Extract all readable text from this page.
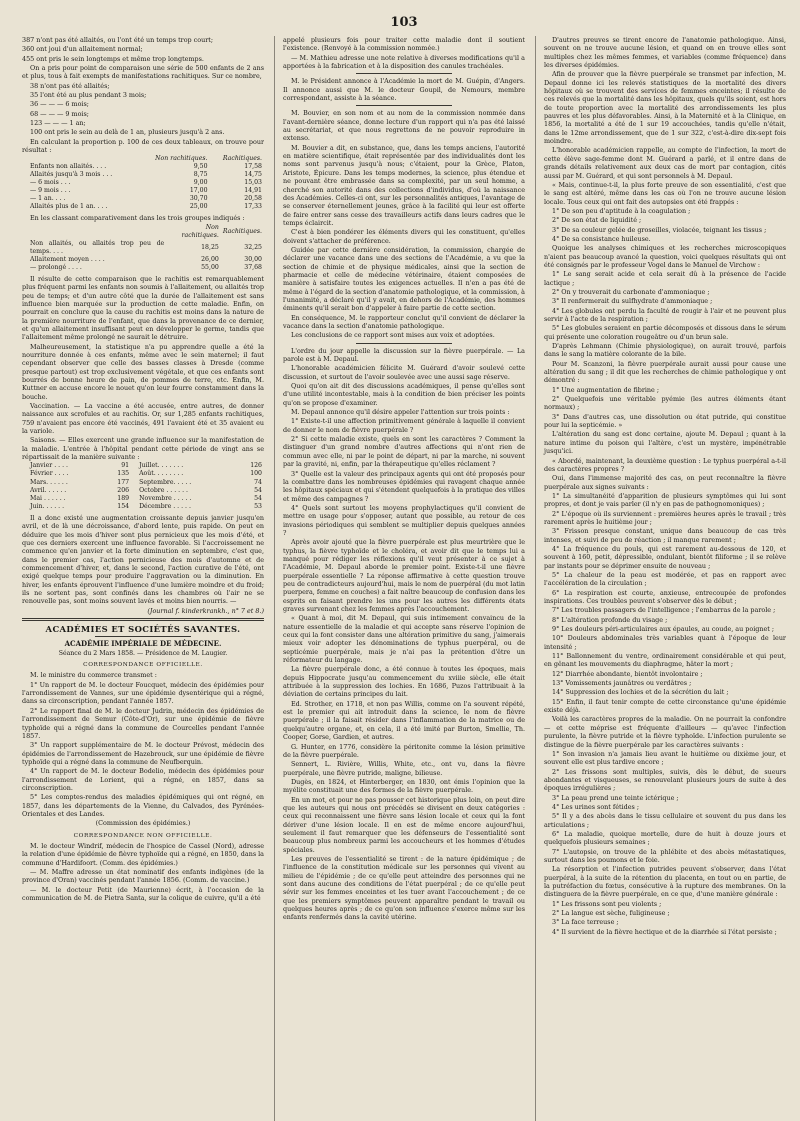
103

387 n'ont pas été allaités, ou l'ont été un temps trop court;

360 ont joui d'un allaitement normal;

455 ont pris le sein longtemps et même trop longtemps.

On a pris pour point de comparaison une série de 500 enfants de 2 ans et plus, tous à fait exempts de manifestations rachitiques. Sur ce nombre,

38 n'ont pas été allaités;

35 l'ont été au plus pendant 3 mois;

36 — — — 6 mois;

68 — — — 9 mois;

123 — — — 1 an;

100 ont pris le sein au delà de 1 an, plusieurs jusqu'à 2 ans.

En calculant la proportion p. 100 de ces deux tableaux, on trouve pour résultat :

	Non rachitiques.	Rachitiques.
Enfants non allaités. . . .	9,50	17,58
Allaités jusqu'à 3 mois . . .	8,75	14,75
— 6 mois . . .	9,00	15,03
— 9 mois . . .	17,00	14,91
— 1 an. . . .	30,70	20,58
Allaités plus de 1 an. . . .	25,00	17,33

En les classant comparativement dans les trois groupes indiqués :

	Non rachitiques.	Rachitiques.
Non allaités, ou allaités trop peu de temps. . . .	18,25	32,25
Allaitement moyen . . . .	26,00	30,00
— prolongé . . . .	55,00	37,68

Il résulte de cette comparaison que le rachitis est remarquablement plus fréquent parmi les enfants non soumis à l'allaitement, ou allaités trop peu de temps; et d'un autre côté que la durée de l'allaitement est sans influence bien marquée sur la production de cette maladie. Enfin, on pourrait en conclure que la cause du rachitis est moins dans la nature de la première nourriture de l'enfant, que dans la provenance de ce dernier, et qu'un allaitement insuffisant peut en développer le germe, tandis que l'allaitement même prolongé ne saurait le détruire.

Malheureusement, la statistique n'a pu apprendre quelle a été la nourriture donnée à ces enfants, même avec le sein maternel; il faut cependant observer que celle des basses classes à Dresde (comme presque partout) est trop exclusivement végétale, et que ces enfants sont bourrés de bonne heure de pain, de pommes de terre, etc. Enfin, M. Kuttner en accuse encore le nouet qu'on leur fourre constamment dans la bouche.

Vaccination. — La vaccine a été accusée, entre autres, de donner naissance aux scrofules et au rachitis. Or, sur 1,285 enfants rachitiques, 759 n'avaient pas encore été vaccinés, 491 l'avaient été et 35 avaient eu la variole.

Saisons. — Elles exercent une grande influence sur la manifestation de la maladie. L'entrée à l'hôpital pendant cette période de vingt ans se répartissait de la manière suivante :

Janvier . . . .	91	Juillet. . . . . . .	126
Février . . . .	135	Août. . . . . . . .	100
Mars. . . . . .	177	Septembre. . . . .	74
Avril. . . . . .	206	Octobre . . . . . .	54
Mai . . . . . .	189	Novembre . . . . .	54
Juin. . . . . .	154	Décembre . . . . .	53

Il a donc existé une augmentation croissante depuis janvier jusqu'en avril, et de là une décroissance, d'abord lente, puis rapide. On peut en déduire que les mois d'hiver sont plus pernicieux que les mois d'été, et que ces derniers exercent une influence favorable. Si l'accroissement ne commence qu'en janvier et la forte diminution en septembre, c'est que, dans le premier cas, l'action pernicieuse des mois d'automne et de commencement d'hiver, et, dans le second, l'action curative de l'été, ont exigé quelque temps pour produire l'aggravation ou la diminution. En hiver, les enfants éprouvent l'influence d'une lumière moindre et du froid; ils ne sortent pas, sont confinés dans les chambres où l'air ne se renouvelle pas, sont moins souvent lavés et moins bien nourris. —

(Journal f. kinderkrankh., n° 7 et 8.)

ACADÉMIES ET SOCIÉTÉS SAVANTES.
ACADÉMIE IMPÉRIALE DE MÉDECINE.
Séance du 2 Mars 1858. — Présidence de M. Laugier.
CORRESPONDANCE OFFICIELLE.

M. le ministre du commerce transmet :

1° Un rapport de M. le docteur Foucquet, médecin des épidémies pour l'arrondissement de Vannes, sur une épidémie dysentérique qui a régné, dans sa circonscription, pendant l'année 1857.

2° Le rapport final de M. le docteur Judrin, médecin des épidémies de l'arrondissement de Semur (Côte-d'Or), sur une épidémie de fièvre typhoïde qui a régné dans la commune de Courcelles pendant l'année 1857.

3° Un rapport supplémentaire de M. le docteur Prévost, médecin des épidémies de l'arrondissement de Hazebrouck, sur une épidémie de fièvre typhoïde qui a régné dans la commune de Neufberquin.

4° Un rapport de M. le docteur Bodelio, médecin des épidémies pour l'arrondissement de Lorient, qui a régné, en 1857, dans sa circonscription.

5° Les comptes-rendus des maladies épidémiques qui ont régné, en 1857, dans les départements de la Vienne, du Calvados, des Pyrénées-Orientales et des Landes.

(Commission des épidémies.)

CORRESPONDANCE NON OFFICIELLE.

M. le docteur Windrif, médecin de l'hospice de Cassel (Nord), adresse la relation d'une épidémie de fièvre typhoïde qui a régné, en 1850, dans la commune d'Hardifoort. (Comm. des épidémies.)

— M. Maffre adresse un état nominatif des enfants indigènes (de la province d'Oran) vaccinés pendant l'année 1856. (Comm. de vaccine.)

— M. le docteur Petit (de Maurienne) écrit, à l'occasion de la communication de M. de Pietra Santa, sur la colique de cuivre, qu'il a été

appelé plusieurs fois pour traiter cette maladie dont il soutient l'existence. (Renvoyé à la commission nommée.)

— M. Mathieu adresse une note relative à diverses modifications qu'il a apportées à la fabrication et à la disposition des canules trachéales.

M. le Président annonce à l'Académie la mort de M. Guépin, d'Angers. Il annonce aussi que M. le docteur Goupil, de Nemours, membre correspondant, assiste à la séance.

M. Bouvier, en son nom et au nom de la commission nommée dans l'avant-dernière séance, donne lecture d'un rapport qui n'a pas été laissé au secrétariat, et que nous regrettons de ne pouvoir reproduire in extenso.

M. Bouvier a dit, en substance, que, dans les temps anciens, l'autorité en matière scientifique, était représentée par des individualités dont les noms sont parvenus jusqu'à nous; c'étaient, pour la Grèce, Platon, Aristote, Épicure. Dans les temps modernes, la science, plus étendue et ne pouvant être embrassée dans sa complexité, par un seul homme, a cherché son autorité dans des collections d'individus, d'où la naissance des Académies. Celles-ci ont, sur les personnalités antiques, l'avantage de se conserver éternellement jeunes, grâce à la facilité qui leur est offerte de faire entrer sans cesse des travailleurs actifs dans leurs cadres que le temps éclaircit.

C'est à bien pondérer les éléments divers qui les constituent, qu'elles doivent s'attacher de préférence.

Guidée par cette dernière considération, la commission, chargée de déclarer une vacance dans une des sections de l'Académie, a vu que la section de chimie et de physique médicales, ainsi que la section de pharmacie et celle de médecine vétérinaire, étaient composées de manière à satisfaire toutes les exigences actuelles. Il n'en a pas été de même à l'égard de la section d'anatomie pathologique, et la commission, à l'unanimité, a déclaré qu'il y avait, en dehors de l'Académie, des hommes éminents qu'il serait bon d'appeler à faire partie de cette section.

En conséquence, M. le rapporteur conclut qu'il convient de déclarer la vacance dans la section d'anatomie pathologique.

Les conclusions de ce rapport sont mises aux voix et adoptées.

L'ordre du jour appelle la discussion sur la fièvre puerpérale. — La parole est à M. Depaul.

L'honorable académicien félicite M. Guérard d'avoir soulevé cette discussion, et surtout de l'avoir soulevée avec une aussi sage réserve.

Quoi qu'on ait dit des discussions académiques, il pense qu'elles sont d'une utilité incontestable, mais à la condition de bien préciser les points qu'on se propose d'examiner.

M. Depaul annonce qu'il désire appeler l'attention sur trois points :

1° Existe-t-il une affection primitivement générale à laquelle il convient de donner le nom de fièvre puerpérale ?

2° Si cette maladie existe, quels en sont les caractères ? Comment la distinguer d'un grand nombre d'autres affections qui n'ont rien de commun avec elle, ni par le point de départ, ni par la marche, ni souvent par la gravité, ni, enfin, par la thérapeutique qu'elles réclament ?

3° Quelle est la valeur des principaux agents qui ont été proposés pour la combattre dans les nombreuses épidémies qui ravagent chaque année les hôpitaux spéciaux et qui s'étendent quelquefois à la pratique des villes et même des campagnes ?

4° Quels sont surtout les moyens prophylactiques qu'il convient de mettre en usage pour s'opposer, autant que possible, au retour de ces invasions périodiques qui semblent se multiplier depuis quelques années ?

Après avoir ajouté que la fièvre puerpérale est plus meurtrière que le typhus, la fièvre typhoïde et le choléra, et avoir dit que le temps lui a manqué pour rédiger les réflexions qu'il veut présenter à ce sujet à l'Académie, M. Depaul aborde le premier point. Existe-t-il une fièvre puerpérale essentielle ? La réponse affirmative à cette question trouve peu de contradicteurs aujourd'hui, mais le nom de puerpéral (du mot latin puerpera, femme en couches) a fait naître beaucoup de confusion dans les esprits en faisant prendre les uns pour les autres les différents états graves survenant chez les femmes après l'accouchement.

« Quant à moi, dit M. Depaul, qui suis intimement convaincu de la nature essentielle de la maladie et qui accepte sans réserve l'opinion de ceux qui la font consister dans une altération primitive du sang, j'aimerais mieux voir adopter les dénominations de typhus puerpéral, ou de septicémie puerpérale, mais je n'ai pas la prétention d'être un réformateur du langage.

La fièvre puerpérale donc, a été connue à toutes les époques, mais depuis Hippocrate jusqu'au commencement du xviiie siècle, elle était attribuée à la suppression des lochies. En 1686, Puzos l'attribuait à la déviation de certains principes du lait.

Ed. Strother, en 1718, et non pas Willis, comme on l'a souvent répété, est le premier qui ait introduit dans la science, le nom de fièvre puerpérale ; il la faisait résider dans l'inflammation de la matrice ou de quelqu'autre organe, et, en cela, il a été imité par Burton, Smellie, Th. Cooper, Gorse, Gardien, et autres.

G. Hunter, en 1776, considère la péritonite comme la lésion primitive de la fièvre puerpérale.

Sennert, L. Rivière, Willis, White, etc., ont vu, dans la fièvre puerpérale, une fièvre putride, maligne, bilieuse.

Dugès, en 1824, et Hinterberger, en 1830, ont émis l'opinion que la myélite constituait une des formes de la fièvre puerpérale.

En un mot, et pour ne pas pousser cet historique plus loin, on peut dire que les auteurs qui nous ont précédés se divisent en deux catégories : ceux qui reconnaissent une fièvre sans lésion locale et ceux qui la font dériver d'une lésion locale. Il en est de même encore aujourd'hui, seulement il faut remarquer que les défenseurs de l'essentialité sont beaucoup plus nombreux parmi les accoucheurs et les hommes d'études spéciales.

Les preuves de l'essentialité se tirent : de la nature épidémique ; de l'influence de la constitution médicale sur les personnes qui vivent au milieu de l'épidémie ; de ce qu'elle peut atteindre des personnes qui ne sont dans aucune des conditions de l'état puerpéral ; de ce qu'elle peut sévir sur les femmes enceintes et les tuer avant l'accouchement ; de ce que les premiers symptômes peuvent apparaître pendant le travail ou quelques heures après ; de ce qu'on son influence s'exerce même sur les enfants renfermés dans la cavité utérine.

D'autres preuves se tirent encore de l'anatomie pathologique. Ainsi, souvent on ne trouve aucune lésion, et quand on en trouve elles sont multiples chez les mêmes femmes, et variables (comme fréquence) dans les diverses épidémies.

Afin de prouver que la fièvre puerpérale se transmet par infection, M. Depaul donne ici les relevés statistiques de la mortalité des divers hôpitaux où se trouvent des services de femmes enceintes; il résulte de ces relevés que la mortalité dans les hôpitaux, quels qu'ils soient, est hors de toute proportion avec la mortalité des arrondissements les plus pauvres et les plus défavorables. Ainsi, à la Maternité et à la Clinique, en 1856, la mortalité a été de 1 sur 19 accouchées, tandis qu'elle n'était, dans le 12me arrondissement, que de 1 sur 322, c'est-à-dire dix-sept fois moindre.

L'honorable académicien rappelle, au compte de l'infection, la mort de cette élève sage-femme dont M. Guérard a parlé, et il entre dans de grands détails relativement aux deux cas de mort par contagion, cités aussi par M. Guérard, et qui sont personnels à M. Depaul.

« Mais, continue-t-il, la plus forte preuve de son essentialité, c'est que le sang est altéré, même dans les cas où l'on ne trouve aucune lésion locale. Tous ceux qui ont fait des autopsies ont été frappés :

1° De son peu d'aptitude à la coagulation ;

2° De son état de liquidité ;

3° De sa couleur gelée de groseilles, violacée, teignant les tissus ;

4° De sa consistance huileuse.

Quoique les analyses chimiques et les recherches microscopiques n'aient pas beaucoup avancé la question, voici quelques résultats qui ont été consignés par le professeur Vogel dans le Manuel de Virchow :

1° Le sang serait acide et cela serait dû à la présence de l'acide lactique ;

2° On y trouverait du carbonate d'ammoniaque ;

3° Il renfermerait du sulfhydrate d'ammoniaque ;

4° Les globules ont perdu la faculté de rougir à l'air et ne peuvent plus servir à l'acte de la respiration ;

5° Les globules seraient en partie décomposés et dissous dans le sérum qui présente une coloration rougeâtre ou d'un brun sale.

D'après Lehmann (Chimie physiologique), on aurait trouvé, parfois dans le sang la matière colorante de la bile.

Pour M. Scanzoni, la fièvre puerpérale aurait aussi pour cause une altération du sang ; il dit que les recherches de chimie pathologique y ont démontré :

1° Une augmentation de fibrine ;

2° Quelquefois une véritable pyémie (les autres éléments étant normaux) ;

3° Dans d'autres cas, une dissolution ou état putride, qui constitue pour lui la septicémie. »

L'altération du sang est donc certaine, ajoute M. Depaul ; quant à la nature intime du poison qui l'altère, c'est un mystère, impénétrable jusqu'ici.

« Abordé, maintenant, la deuxième question : Le typhus puerpéral a-t-il des caractères propres ?

Oui, dans l'immense majorité des cas, on peut reconnaître la fièvre puerpérale aux signes suivants :

1° La simultanéité d'apparition de plusieurs symptômes qui lui sont propres, et dont je vais parler (il n'y en pas de pathognomoniques) ;

2° L'époque où ils surviennent : premières heures après le travail ; très rarement après le huitième jour ;

3° Frisson presque constant, unique dans beaucoup de cas très intenses, et suivi de peu de réaction ; il manque rarement ;

4° La fréquence du pouls, qui est rarement au-dessous de 120, et souvent à 160, petit, dépressible, ondulant, bientôt filiforme ; il se relève par instants pour se déprimer ensuite de nouveau ;

5° La chaleur de la peau est modérée, et pas en rapport avec l'accélération de la circulation ;

6° La respiration est courte, anxieuse, entrecoupée de profondes inspirations. Ces troubles peuvent s'observer dès le début ;

7° Les troubles passagers de l'intelligence ; l'embarras de la parole ;

8° L'altération profonde du visage ;

9° Les douleurs péri-articulaires aux épaules, au coude, au poignet ;

10° Douleurs abdominales très variables quant à l'époque de leur intensité ;

11° Ballonnement du ventre, ordinairement considérable et qui peut, en gênant les mouvements du diaphragme, hâter la mort ;

12° Diarrhée abondante, bientôt involontaire ;

13° Vomissements jaunâtres ou verdâtres ;

14° Suppression des lochies et de la sécrétion du lait ;

15° Enfin, il faut tenir compte de cette circonstance qu'une épidémie existe déjà.

Voilà les caractères propres de la maladie. On ne pourrait la confondre — et cette méprise est fréquente d'ailleurs — qu'avec l'infection purulente, la fièvre putride et la fièvre typhoïde. L'infection purulente se distingue de la fièvre puerpérale par les caractères suivants :

1° Son invasion n'a jamais lieu avant le huitième ou dixième jour, et souvent elle est plus tardive encore ;

2° Les frissons sont multiples, suivis, dès le début, de sueurs abondantes et visqueuses, se renouvelant plusieurs jours de suite à des époques irrégulières ;

3° La peau prend une teinte ictérique ;

4° Les urines sont fétides ;

5° Il y a des abcès dans le tissu cellulaire et souvent du pus dans les articulations ;

6° La maladie, quoique mortelle, dure de huit à douze jours et quelquefois plusieurs semaines ;

7° L'autopsie, on trouve de la phlébite et des abcès métastatiques, surtout dans les poumons et le foie.

La résorption et l'infection putrides peuvent s'observer, dans l'état puerpéral, à la suite de la rétention du placenta, en tout ou en partie, de la putréfaction du fœtus, consécutive à la rupture des membranes. On la distinguera de la fièvre puerpérale, en ce que, d'une manière générale :

1° Les frissons sont peu violents ;

2° La langue est sèche, fuligineuse ;

3° La face terreuse ;

4° Il survient de la fièvre hectique et de la diarrhée si l'état persiste ;
